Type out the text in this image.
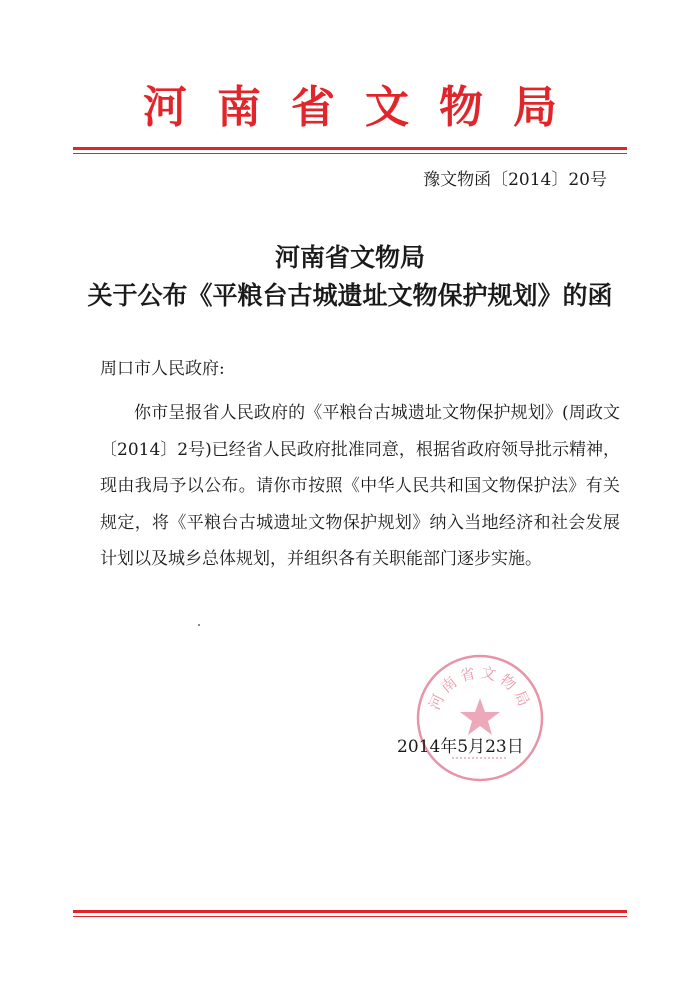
河南省文物局
豫文物函〔2014〕20号
河南省文物局
关于公布《平粮台古城遗址文物保护规划》的函
周口市人民政府:
你市呈报省人民政府的《平粮台古城遗址文物保护规划》(周政文〔2014〕2号)已经省人民政府批准同意，根据省政府领导批示精神，现由我局予以公布。请你市按照《中华人民共和国文物保护法》有关规定，将《平粮台古城遗址文物保护规划》纳入当地经济和社会发展计划以及城乡总体规划，并组织各有关职能部门逐步实施。
河南省文物局
2014年5月23日
